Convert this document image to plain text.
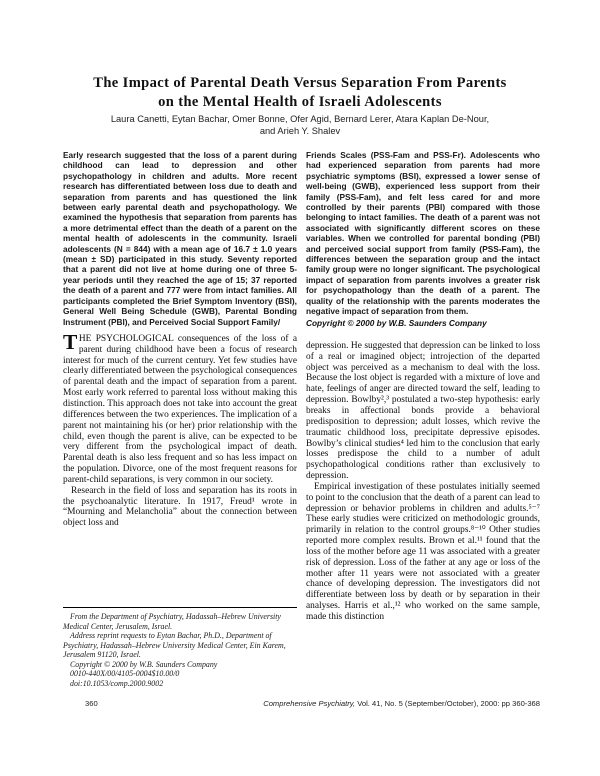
The Impact of Parental Death Versus Separation From Parents
on the Mental Health of Israeli Adolescents
Laura Canetti, Eytan Bachar, Omer Bonne, Ofer Agid, Bernard Lerer, Atara Kaplan De-Nour,
and Arieh Y. Shalev
Early research suggested that the loss of a parent during childhood can lead to depression and other psychopathology in children and adults. More recent research has differentiated between loss due to death and separation from parents and has questioned the link between early parental death and psychopathology. We examined the hypothesis that separation from parents has a more detrimental effect than the death of a parent on the mental health of adolescents in the community. Israeli adolescents (N = 844) with a mean age of 16.7 ± 1.0 years (mean ± SD) participated in this study. Seventy reported that a parent did not live at home during one of three 5-year periods until they reached the age of 15; 37 reported the death of a parent and 777 were from intact families. All participants completed the Brief Symptom Inventory (BSI), General Well Being Schedule (GWB), Parental Bonding Instrument (PBI), and Perceived Social Support Family/

THE PSYCHOLOGICAL consequences of the loss of a parent during childhood have been a focus of research interest for much of the current century. Yet few studies have clearly differentiated between the psychological consequences of parental death and the impact of separation from a parent. Most early work referred to parental loss without making this distinction. This approach does not take into account the great differences between the two experiences. The implication of a parent not maintaining his (or her) prior relationship with the child, even though the parent is alive, can be expected to be very different from the psychological impact of death. Parental death is also less frequent and so has less impact on the population. Divorce, one of the most frequent reasons for parent-child separations, is very common in our society.

Research in the field of loss and separation has its roots in the psychoanalytic literature. In 1917, Freud¹ wrote in “Mourning and Melancholia” about the connection between object loss and

Friends Scales (PSS-Fam and PSS-Fr). Adolescents who had experienced separation from parents had more psychiatric symptoms (BSI), expressed a lower sense of well-being (GWB), experienced less support from their family (PSS-Fam), and felt less cared for and more controlled by their parents (PBI) compared with those belonging to intact families. The death of a parent was not associated with significantly different scores on these variables. When we controlled for parental bonding (PBI) and perceived social support from family (PSS-Fam), the differences between the separation group and the intact family group were no longer significant. The psychological impact of separation from parents involves a greater risk for psychopathology than the death of a parent. The quality of the relationship with the parents moderates the negative impact of separation from them.
Copyright © 2000 by W.B. Saunders Company

depression. He suggested that depression can be linked to loss of a real or imagined object; introjection of the departed object was perceived as a mechanism to deal with the loss. Because the lost object is regarded with a mixture of love and hate, feelings of anger are directed toward the self, leading to depression. Bowlby²,³ postulated a two-step hypothesis: early breaks in affectional bonds provide a behavioral predisposition to depression; adult losses, which revive the traumatic childhood loss, precipitate depressive episodes. Bowlby’s clinical studies⁴ led him to the conclusion that early losses predispose the child to a number of adult psychopathological conditions rather than exclusively to depression.

Empirical investigation of these postulates initially seemed to point to the conclusion that the death of a parent can lead to depression or behavior problems in children and adults.⁵⁻⁷ These early studies were criticized on methodologic grounds, primarily in relation to the control groups.⁸⁻¹⁰ Other studies reported more complex results. Brown et al.¹¹ found that the loss of the mother before age 11 was associated with a greater risk of depression. Loss of the father at any age or loss of the mother after 11 years were not associated with a greater chance of developing depression. The investigators did not differentiate between loss by death or by separation in their analyses. Harris et al.,¹² who worked on the same sample, made this distinction

From the Department of Psychiatry, Hadassah–Hebrew University Medical Center, Jerusalem, Israel.

Address reprint requests to Eytan Bachar, Ph.D., Department of Psychiatry, Hadassah–Hebrew University Medical Center, Ein Karem, Jerusalem 91120, Israel.

Copyright © 2000 by W.B. Saunders Company

0010-440X/00/4105-0004$10.00/0

doi:10.1053/comp.2000.9002

360	Comprehensive Psychiatry, Vol. 41, No. 5 (September/October), 2000: pp 360-368
